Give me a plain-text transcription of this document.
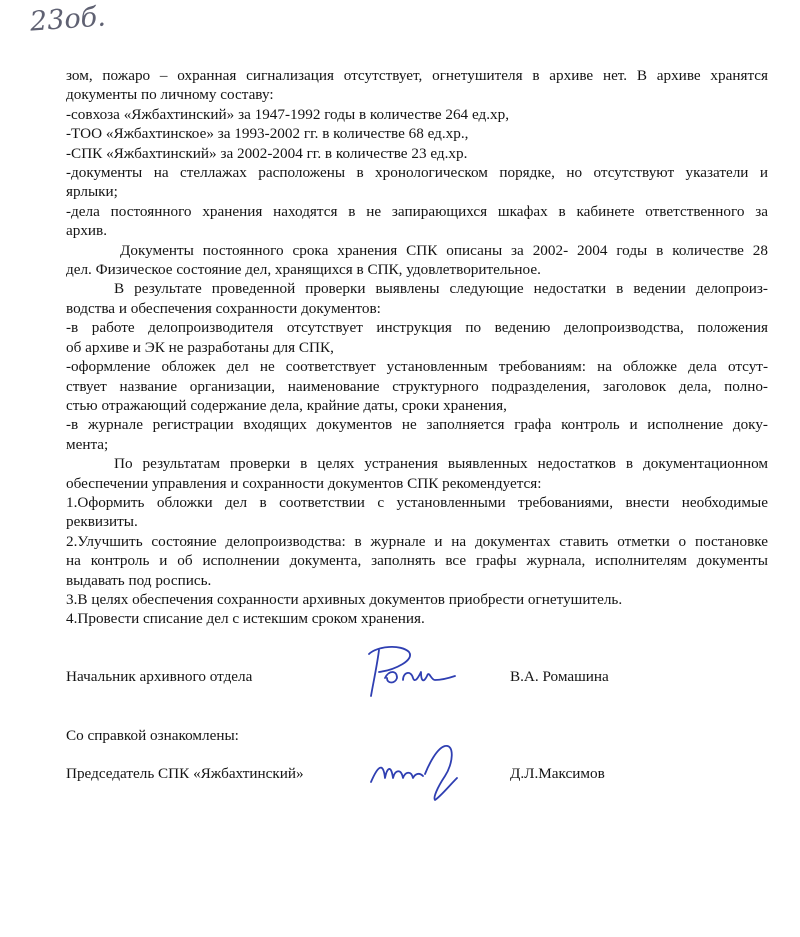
23об.
зом, пожаро – охранная сигнализация отсутствует, огнетушителя в архиве нет. В архиве хранятся
документы по личному составу:
-совхоза «Яжбахтинский» за 1947-1992 годы в количестве 264 ед.хр,
-ТОО «Яжбахтинское» за 1993-2002 гг. в количестве 68 ед.хр.,
-СПК «Яжбахтинский» за 2002-2004 гг. в количестве 23 ед.хр.
-документы на стеллажах расположены в хронологическом порядке, но отсутствуют указатели и
ярлыки;
-дела постоянного хранения находятся в не запирающихся шкафах в кабинете ответственного за
архив.
Документы постоянного срока хранения СПК описаны за 2002- 2004 годы в количестве 28
дел. Физическое состояние дел, хранящихся в СПК, удовлетворительное.
В результате проведенной проверки выявлены следующие недостатки в ведении делопроиз-
водства и обеспечения сохранности документов:
-в работе делопроизводителя отсутствует инструкция по ведению делопроизводства, положения
об архиве и ЭК не разработаны для СПК,
-оформление обложек дел не соответствует установленным требованиям: на обложке дела отсут-
ствует название организации, наименование структурного подразделения, заголовок дела, полно-
стью отражающий содержание дела, крайние даты, сроки хранения,
-в журнале регистрации входящих документов не заполняется графа контроль и исполнение доку-
мента;
По результатам проверки в целях устранения выявленных недостатков в документационном
обеспечении управления и сохранности документов СПК рекомендуется:
1.Оформить обложки дел в соответствии с установленными требованиями, внести необходимые
реквизиты.
2.Улучшить состояние делопроизводства: в журнале и на документах ставить отметки о постановке
на контроль и об исполнении документа, заполнять все графы журнала, исполнителям документы
выдавать под роспись.
3.В целях обеспечения сохранности архивных документов приобрести огнетушитель.
4.Провести списание дел с истекшим сроком хранения.
Начальник архивного отдела	В.А. Ромашина
Со справкой ознакомлены:
Председатель СПК «Яжбахтинский»	Д.Л.Максимов
